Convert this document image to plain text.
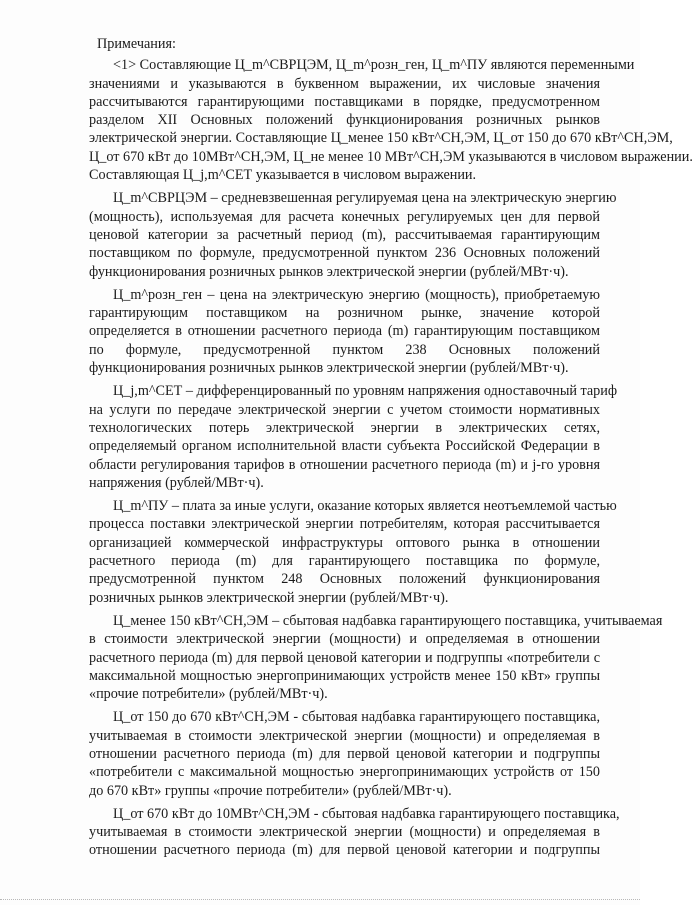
Примечания:
<1> Составляющие Ц_m^СВРЦЭМ, Ц_m^розн_ген, Ц_m^ПУ являются переменными
значениями и указываются в буквенном выражении, их числовые значения
рассчитываются гарантирующими поставщиками в порядке, предусмотренном
разделом XII Основных положений функционирования розничных рынков
электрической энергии. Составляющие Ц_менее 150 кВт^СН,ЭМ, Ц_от 150 до 670 кВт^СН,ЭМ,
Ц_от 670 кВт до 10МВт^СН,ЭМ, Ц_не менее 10 МВт^СН,ЭМ указываются в числовом выражении.
Составляющая Ц_j,m^СЕТ указывается в числовом выражении.
Ц_m^СВРЦЭМ – средневзвешенная регулируемая цена на электрическую энергию
(мощность), используемая для расчета конечных регулируемых цен для первой
ценовой категории за расчетный период (m), рассчитываемая гарантирующим
поставщиком по формуле, предусмотренной пунктом 236 Основных положений
функционирования розничных рынков электрической энергии (рублей/МВт·ч).
Ц_m^розн_ген – цена на электрическую энергию (мощность), приобретаемую
гарантирующим поставщиком на розничном рынке, значение которой
определяется в отношении расчетного периода (m) гарантирующим поставщиком
по формуле, предусмотренной пунктом 238 Основных положений
функционирования розничных рынков электрической энергии (рублей/МВт·ч).
Ц_j,m^СЕТ – дифференцированный по уровням напряжения одноставочный тариф
на услуги по передаче электрической энергии с учетом стоимости нормативных
технологических потерь электрической энергии в электрических сетях,
определяемый органом исполнительной власти субъекта Российской Федерации в
области регулирования тарифов в отношении расчетного периода (m) и j-го уровня
напряжения (рублей/МВт·ч).
Ц_m^ПУ – плата за иные услуги, оказание которых является неотъемлемой частью
процесса поставки электрической энергии потребителям, которая рассчитывается
организацией коммерческой инфраструктуры оптового рынка в отношении
расчетного периода (m) для гарантирующего поставщика по формуле,
предусмотренной пунктом 248 Основных положений функционирования
розничных рынков электрической энергии (рублей/МВт·ч).
Ц_менее 150 кВт^СН,ЭМ – сбытовая надбавка гарантирующего поставщика, учитываемая
в стоимости электрической энергии (мощности) и определяемая в отношении
расчетного периода (m) для первой ценовой категории и подгруппы «потребители с
максимальной мощностью энергопринимающих устройств менее 150 кВт» группы
«прочие потребители» (рублей/МВт·ч).
Ц_от 150 до 670 кВт^СН,ЭМ - сбытовая надбавка гарантирующего поставщика,
учитываемая в стоимости электрической энергии (мощности) и определяемая в
отношении расчетного периода (m) для первой ценовой категории и подгруппы
«потребители с максимальной мощностью энергопринимающих устройств от 150
до 670 кВт» группы «прочие потребители» (рублей/МВт·ч).
Ц_от 670 кВт до 10МВт^СН,ЭМ - сбытовая надбавка гарантирующего поставщика,
учитываемая в стоимости электрической энергии (мощности) и определяемая в
отношении расчетного периода (m) для первой ценовой категории и подгруппы
